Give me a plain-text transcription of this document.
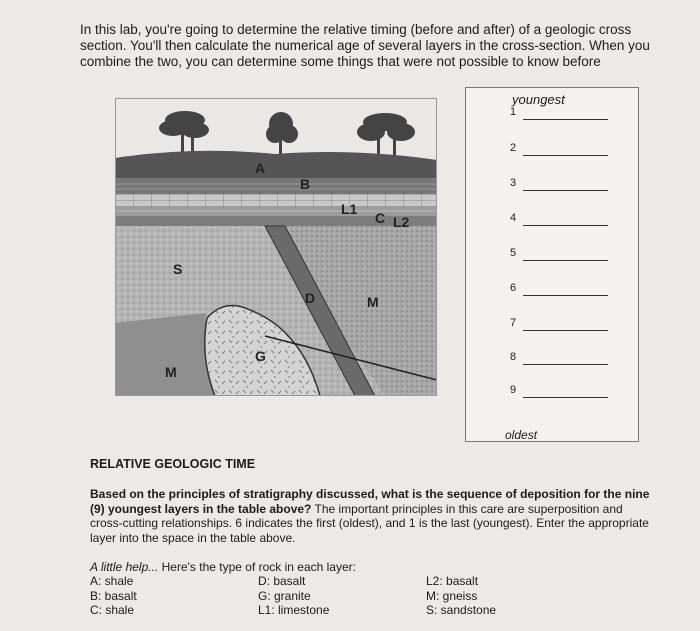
In this lab, you're going to determine the relative timing (before and after) of a geologic cross section. You'll then calculate the numerical age of several layers in the cross-section. When you combine the two, you can determine some things that were not possible to know before
A
B
L1
C L2
S
D	M
G
M
youngest
1
2
3
4
5
6
7
8
9
oldest
RELATIVE GEOLOGIC TIME
Based on the principles of stratigraphy discussed, what is the sequence of deposition for the nine (9) youngest layers in the table above? The important principles in this care are superposition and cross-cutting relationships. 6 indicates the first (oldest), and 1 is the last (youngest). Enter the appropriate layer into the space in the table above.
A little help... Here's the type of rock in each layer:
A: shale	D: basalt	L2: basalt
B: basalt	G: granite	M: gneiss
C: shale	L1: limestone	S: sandstone
